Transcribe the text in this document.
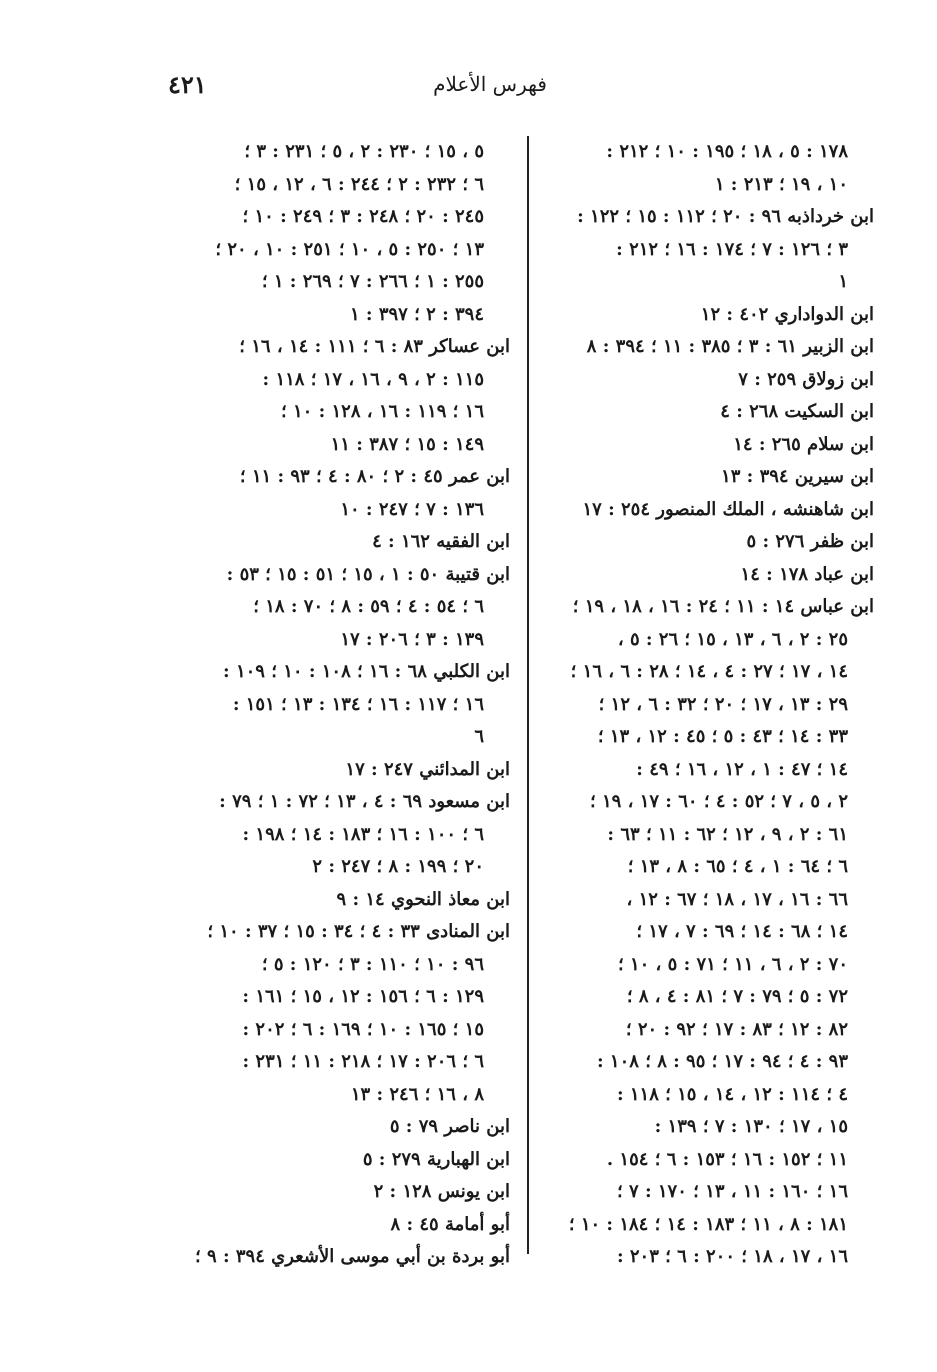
٤٢١	فهرس الأعلام
١٧٨ : ٥ ، ١٨ ؛ ١٩٥ : ١٠ ؛ ٢١٢ :
١٠ ، ١٩ ؛ ٢١٣ : ١
ابن خرداذبه ٩٦ : ٢٠ ؛ ١١٢ : ١٥ ؛ ١٢٢ :
٣ ؛ ١٢٦ : ٧ ؛ ١٧٤ : ١٦ ؛ ٢١٢ :
١
ابن الدواداري ٤٠٢ : ١٢
ابن الزبير ٦١ : ٣ ؛ ٣٨٥ : ١١ ؛ ٣٩٤ : ٨
ابن زولاق ٢٥٩ : ٧
ابن السكيت ٢٦٨ : ٤
ابن سلام ٢٦٥ : ١٤
ابن سيرين ٣٩٤ : ١٣
ابن شاهنشه ، الملك المنصور ٢٥٤ : ١٧
ابن ظفر ٢٧٦ : ٥
ابن عباد ١٧٨ : ١٤
ابن عباس ١٤ : ١١ ؛ ٢٤ : ١٦ ، ١٨ ، ١٩ ؛
٢٥ : ٢ ، ٦ ، ١٣ ، ١٥ ؛ ٢٦ : ٥ ،
١٤ ، ١٧ ؛ ٢٧ : ٤ ، ١٤ ؛ ٢٨ : ٦ ، ١٦ ؛
٢٩ : ١٣ ، ١٧ ؛ ٢٠ ؛ ٣٢ : ٦ ، ١٢ ؛
٣٣ : ١٤ ؛ ٤٣ : ٥ ؛ ٤٥ : ١٢ ، ١٣ ؛
١٤ ؛ ٤٧ : ١ ، ١٢ ، ١٦ ؛ ٤٩ :
٢ ، ٥ ، ٧ ؛ ٥٢ : ٤ ؛ ٦٠ : ١٧ ، ١٩ ؛
٦١ : ٢ ، ٩ ، ١٢ ؛ ٦٢ : ١١ ؛ ٦٣ :
٦ ؛ ٦٤ : ١ ، ٤ ؛ ٦٥ : ٨ ، ١٣ ؛
٦٦ : ١٦ ، ١٧ ، ١٨ ؛ ٦٧ : ١٢ ،
١٤ ؛ ٦٨ : ١٤ ؛ ٦٩ : ٧ ، ١٧ ؛
٧٠ : ٢ ، ٦ ، ١١ ؛ ٧١ : ٥ ، ١٠ ؛
٧٢ : ٥ ؛ ٧٩ : ٧ ؛ ٨١ : ٤ ، ٨ ؛
٨٢ : ١٢ ؛ ٨٣ : ١٧ ؛ ٩٢ : ٢٠ ؛
٩٣ : ٤ ؛ ٩٤ : ١٧ ؛ ٩٥ : ٨ ؛ ١٠٨ :
٤ ؛ ١١٤ : ١٢ ، ١٤ ، ١٥ ؛ ١١٨ :
١٥ ، ١٧ ؛ ١٣٠ : ٧ ؛ ١٣٩ :
١١ ؛ ١٥٢ : ١٦ ؛ ١٥٣ : ٦ ؛ ١٥٤ .
١٦ ؛ ١٦٠ : ١١ ، ١٣ ؛ ١٧٠ : ٧ ؛
١٨١ : ٨ ، ١١ ؛ ١٨٣ : ١٤ ؛ ١٨٤ : ١٠ ؛
١٦ ، ١٧ ، ١٨ ؛ ٢٠٠ : ٦ ؛ ٢٠٣ :
٥ ، ١٥ ؛ ٢٣٠ : ٢ ، ٥ ؛ ٢٣١ : ٣ ؛
٦ ؛ ٢٣٢ : ٢ ؛ ٢٤٤ : ٦ ، ١٢ ، ١٥ ؛
٢٤٥ : ٢٠ ؛ ٢٤٨ : ٣ ؛ ٢٤٩ : ١٠ ؛
١٣ ؛ ٢٥٠ : ٥ ، ١٠ ؛ ٢٥١ : ١٠ ، ٢٠ ؛
٢٥٥ : ١ ؛ ٢٦٦ : ٧ ؛ ٢٦٩ : ١ ؛
٣٩٤ : ٢ ؛ ٣٩٧ : ١
ابن عساكر ٨٣ : ٦ ؛ ١١١ : ١٤ ، ١٦ ؛
١١٥ : ٢ ، ٩ ، ١٦ ، ١٧ ؛ ١١٨ :
١٦ ؛ ١١٩ : ١٦ ، ١٢٨ : ١٠ ؛
١٤٩ : ١٥ ؛ ٣٨٧ : ١١
ابن عمر ٤٥ : ٢ ؛ ٨٠ : ٤ ؛ ٩٣ : ١١ ؛
١٣٦ : ٧ ؛ ٢٤٧ : ١٠
ابن الفقيه ١٦٢ : ٤
ابن قتيبة ٥٠ : ١ ، ١٥ ؛ ٥١ : ١٥ ؛ ٥٣ :
٦ ؛ ٥٤ : ٤ ؛ ٥٩ : ٨ ؛ ٧٠ : ١٨ ؛
١٣٩ : ٣ ؛ ٢٠٦ : ١٧
ابن الكلبي ٦٨ : ١٦ ؛ ١٠٨ : ١٠ ؛ ١٠٩ :
١٦ ؛ ١١٧ : ١٦ ؛ ١٣٤ : ١٣ ؛ ١٥١ :
٦
ابن المدائني ٢٤٧ : ١٧
ابن مسعود ٦٩ : ٤ ، ١٣ ؛ ٧٢ : ١ ؛ ٧٩ :
٦ ؛ ١٠٠ : ١٦ ؛ ١٨٣ : ١٤ ؛ ١٩٨ :
٢٠ ؛ ١٩٩ : ٨ ؛ ٢٤٧ : ٢
ابن معاذ النحوي ١٤ : ٩
ابن المنادى ٣٣ : ٤ ؛ ٣٤ : ١٥ ؛ ٣٧ : ١٠ ؛
٩٦ : ١٠ ؛ ١١٠ : ٣ ؛ ١٢٠ : ٥ ؛
١٢٩ : ٦ ؛ ١٥٦ : ١٢ ، ١٥ ؛ ١٦١ :
١٥ ؛ ١٦٥ : ١٠ ؛ ١٦٩ : ٦ ؛ ٢٠٢ :
٦ ؛ ٢٠٦ : ١٧ ؛ ٢١٨ : ١١ ؛ ٢٣١ :
٨ ، ١٦ ؛ ٢٤٦ : ١٣
ابن ناصر ٧٩ : ٥
ابن الهبارية ٢٧٩ : ٥
ابن يونس ١٢٨ : ٢
أبو أمامة ٤٥ : ٨
أبو بردة بن أبي موسى الأشعري ٣٩٤ : ٩ ؛
